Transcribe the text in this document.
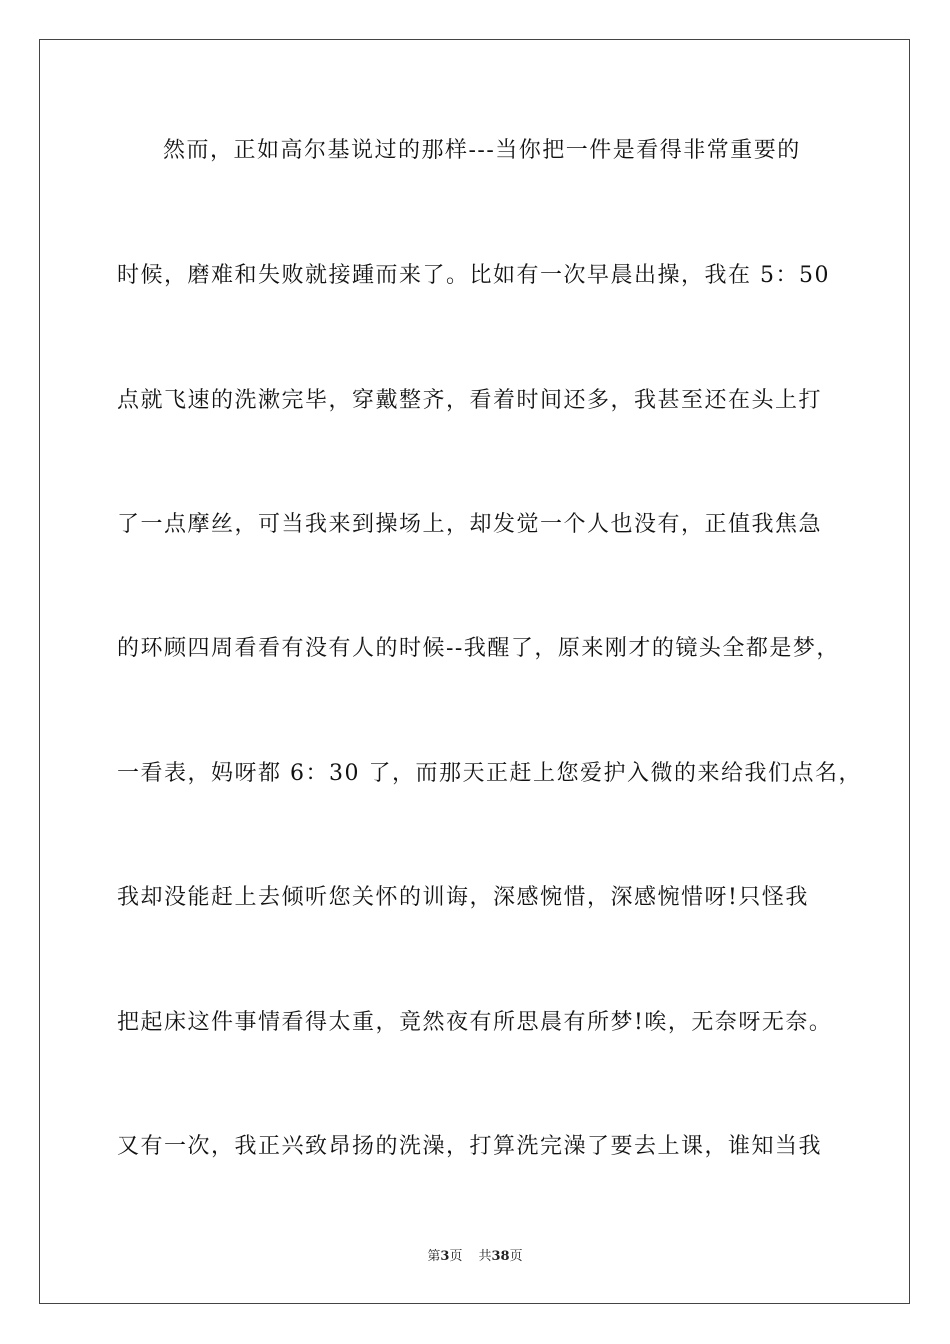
然而，正如高尔基说过的那样---当你把一件是看得非常重要的
时候，磨难和失败就接踵而来了。比如有一次早晨出操，我在 5：50
点就飞速的洗漱完毕，穿戴整齐，看着时间还多，我甚至还在头上打
了一点摩丝，可当我来到操场上，却发觉一个人也没有，正值我焦急
的环顾四周看看有没有人的时候--我醒了，原来刚才的镜头全都是梦，
一看表，妈呀都 6：30 了，而那天正赶上您爱护入微的来给我们点名，
我却没能赶上去倾听您关怀的训诲，深感惋惜，深感惋惜呀!只怪我
把起床这件事情看得太重，竟然夜有所思晨有所梦!唉，无奈呀无奈。
又有一次，我正兴致昂扬的洗澡，打算洗完澡了要去上课，谁知当我
第3页 共38页
